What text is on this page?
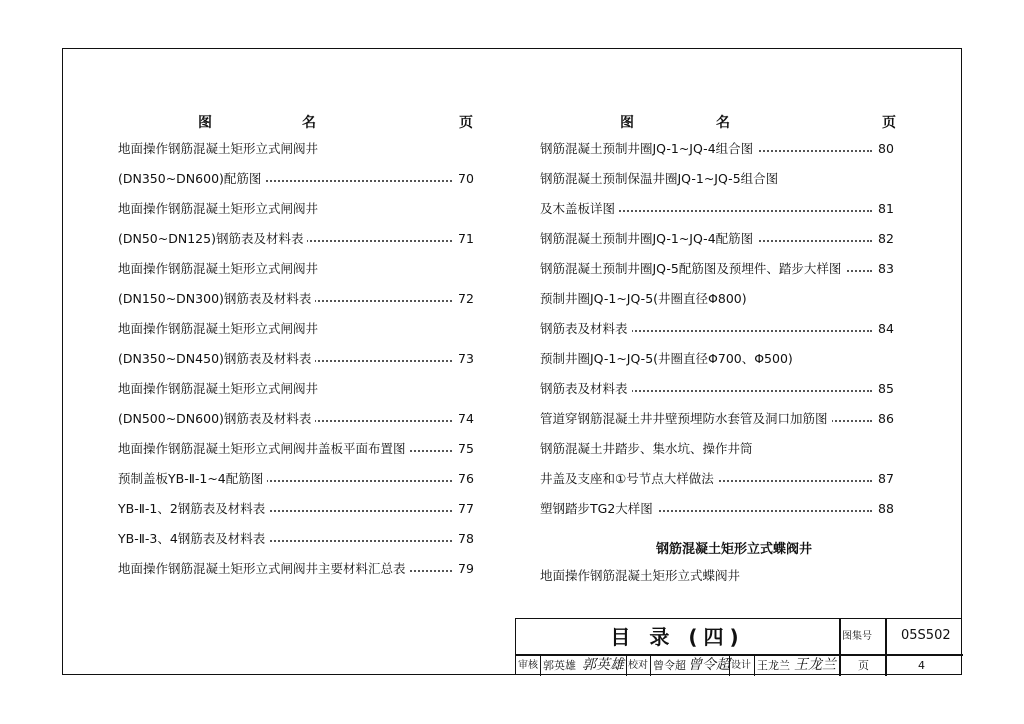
图	名	页	图	名	页
地面操作钢筋混凝土矩形立式闸阀井
(DN350~DN600)配筋图	70
地面操作钢筋混凝土矩形立式闸阀井
(DN50~DN125)钢筋表及材料表	71
地面操作钢筋混凝土矩形立式闸阀井
(DN150~DN300)钢筋表及材料表	72
地面操作钢筋混凝土矩形立式闸阀井
(DN350~DN450)钢筋表及材料表	73
地面操作钢筋混凝土矩形立式闸阀井
(DN500~DN600)钢筋表及材料表	74
地面操作钢筋混凝土矩形立式闸阀井盖板平面布置图	75
预制盖板YB-Ⅱ-1~4配筋图	76
YB-Ⅱ-1、2钢筋表及材料表	77
YB-Ⅱ-3、4钢筋表及材料表	78
地面操作钢筋混凝土矩形立式闸阀井主要材料汇总表	79
钢筋混凝土预制井圈JQ-1~JQ-4组合图	80
钢筋混凝土预制保温井圈JQ-1~JQ-5组合图
及木盖板详图	81
钢筋混凝土预制井圈JQ-1~JQ-4配筋图	82
钢筋混凝土预制井圈JQ-5配筋图及预埋件、踏步大样图	83
预制井圈JQ-1~JQ-5(井圈直径Φ800)
钢筋表及材料表	84
预制井圈JQ-1~JQ-5(井圈直径Φ700、Φ500)
钢筋表及材料表	85
管道穿钢筋混凝土井井壁预埋防水套管及洞口加筋图	86
钢筋混凝土井踏步、集水坑、操作井筒
井盖及支座和①号节点大样做法	87
塑钢踏步TG2大样图	88
钢筋混凝土矩形立式蝶阀井
地面操作钢筋混凝土矩形立式蝶阀井
目 录 (四)	图集号 05S502
页	4
审核 郭英雄 郭英雄 校对 曾令超 曾令超 设计 王龙兰 王龙兰
